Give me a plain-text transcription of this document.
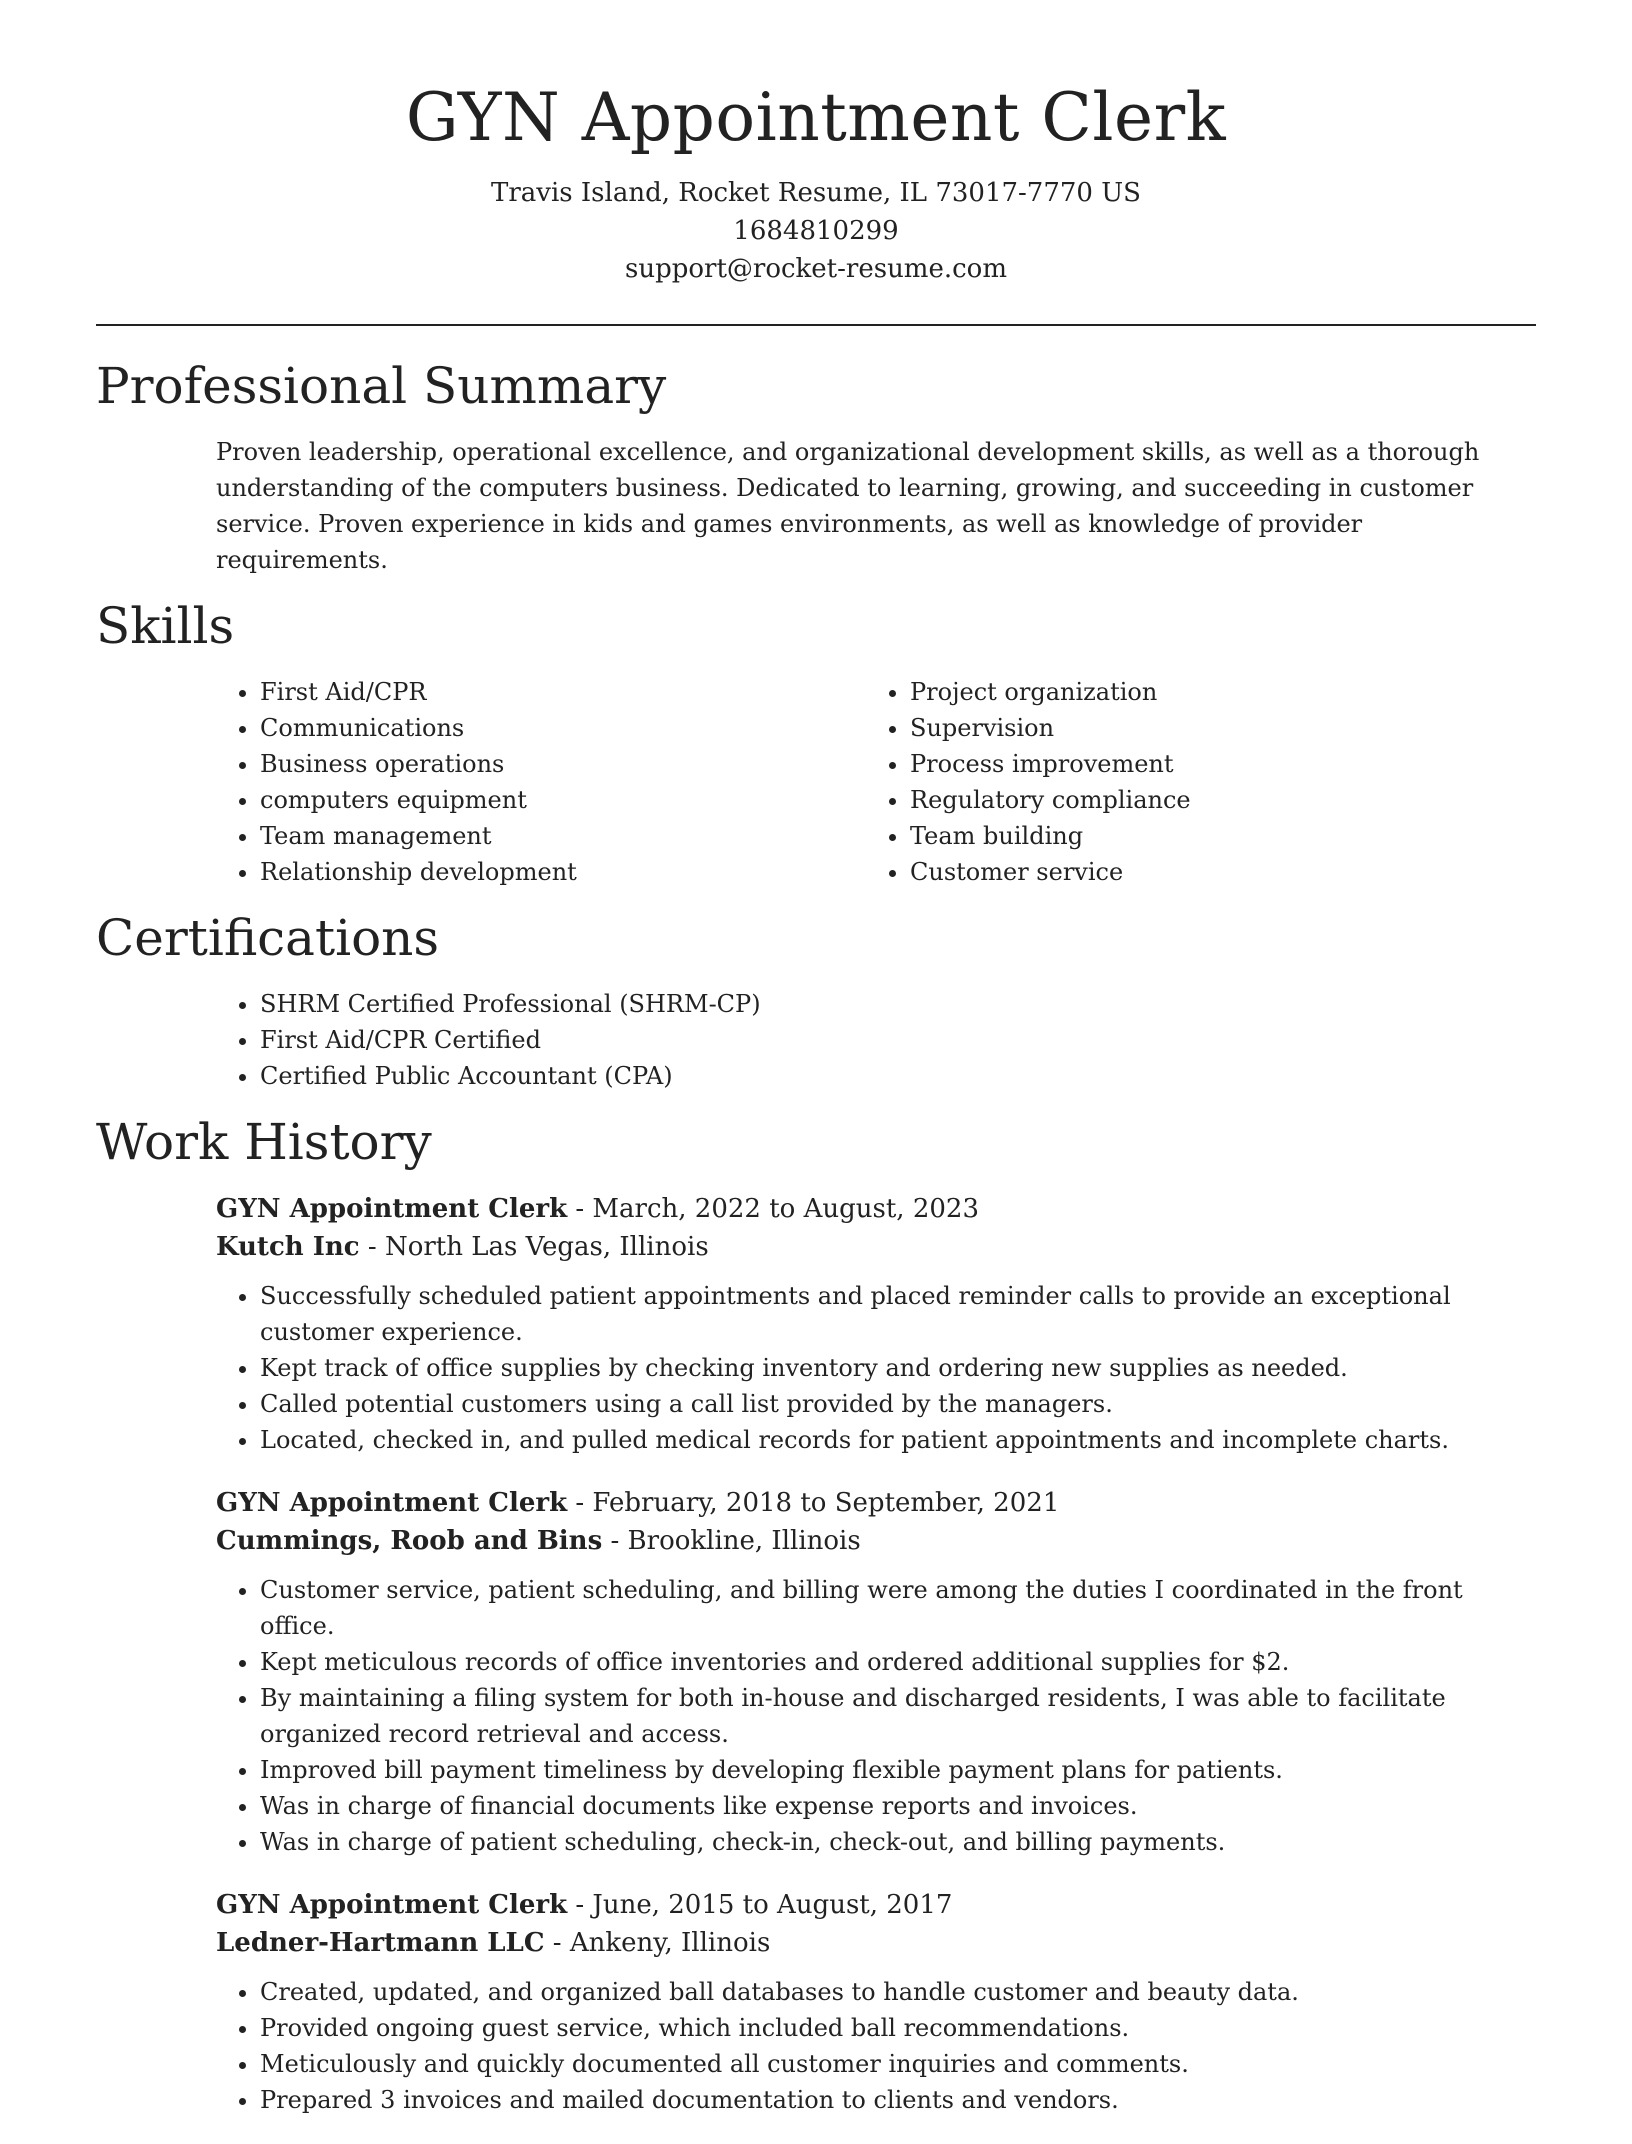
GYN Appointment Clerk
Travis Island, Rocket Resume, IL 73017-7770 US
1684810299
support@rocket-resume.com
Professional Summary
Proven leadership, operational excellence, and organizational development skills, as well as a thorough understanding of the computers business. Dedicated to learning, growing, and succeeding in customer service. Proven experience in kids and games environments, as well as knowledge of provider requirements.
Skills
• First Aid/CPR
• Communications
• Business operations
• computers equipment
• Team management
• Relationship development
• Project organization
• Supervision
• Process improvement
• Regulatory compliance
• Team building
• Customer service
Certifications
• SHRM Certified Professional (SHRM-CP)
• First Aid/CPR Certified
• Certified Public Accountant (CPA)
Work History
GYN Appointment Clerk - March, 2022 to August, 2023
Kutch Inc - North Las Vegas, Illinois
• Successfully scheduled patient appointments and placed reminder calls to provide an exceptional customer experience.
• Kept track of office supplies by checking inventory and ordering new supplies as needed.
• Called potential customers using a call list provided by the managers.
• Located, checked in, and pulled medical records for patient appointments and incomplete charts.
GYN Appointment Clerk - February, 2018 to September, 2021
Cummings, Roob and Bins - Brookline, Illinois
• Customer service, patient scheduling, and billing were among the duties I coordinated in the front office.
• Kept meticulous records of office inventories and ordered additional supplies for $2.
• By maintaining a filing system for both in-house and discharged residents, I was able to facilitate organized record retrieval and access.
• Improved bill payment timeliness by developing flexible payment plans for patients.
• Was in charge of financial documents like expense reports and invoices.
• Was in charge of patient scheduling, check-in, check-out, and billing payments.
GYN Appointment Clerk - June, 2015 to August, 2017
Ledner-Hartmann LLC - Ankeny, Illinois
• Created, updated, and organized ball databases to handle customer and beauty data.
• Provided ongoing guest service, which included ball recommendations.
• Meticulously and quickly documented all customer inquiries and comments.
• Prepared 3 invoices and mailed documentation to clients and vendors.
